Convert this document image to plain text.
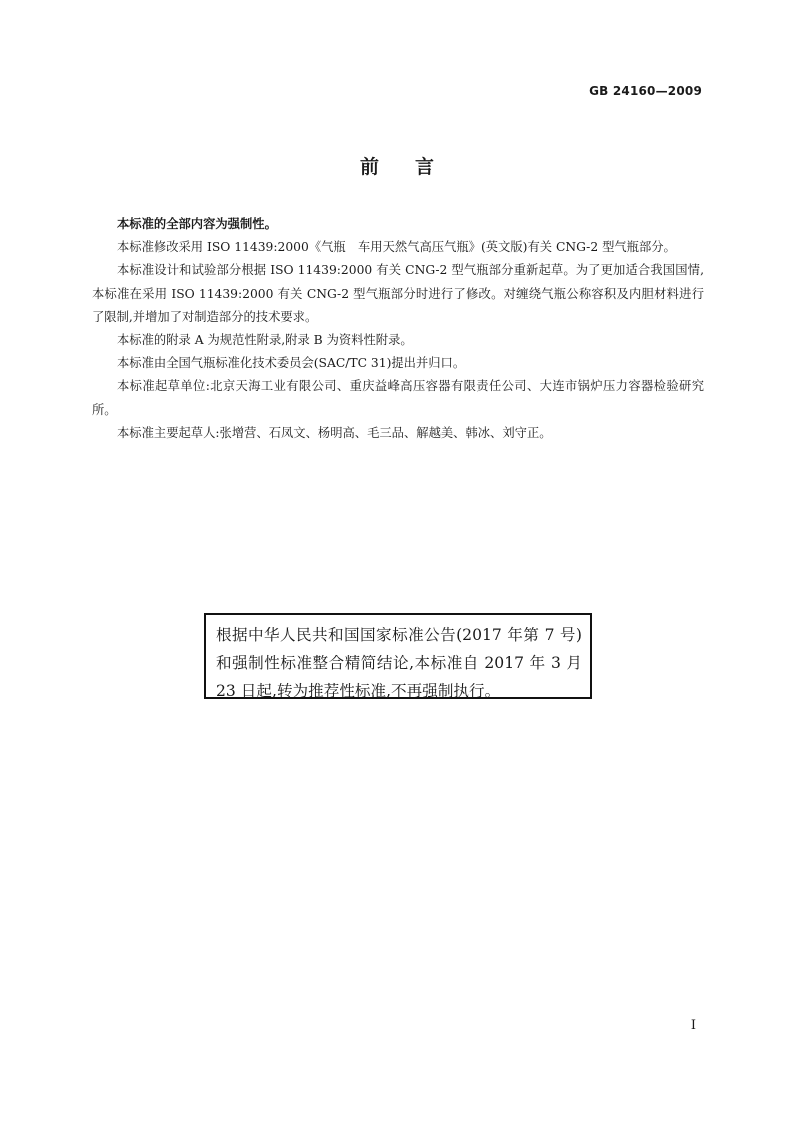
GB 24160—2009
前言

本标准的全部内容为强制性。

本标准修改采用 ISO 11439:2000《气瓶　车用天然气高压气瓶》(英文版)有关 CNG-2 型气瓶部分。

本标准设计和试验部分根据 ISO 11439:2000 有关 CNG-2 型气瓶部分重新起草。为了更加适合我国国情,本标准在采用 ISO 11439:2000 有关 CNG-2 型气瓶部分时进行了修改。对缠绕气瓶公称容积及内胆材料进行了限制,并增加了对制造部分的技术要求。

本标准的附录 A 为规范性附录,附录 B 为资料性附录。

本标准由全国气瓶标准化技术委员会(SAC/TC 31)提出并归口。

本标准起草单位:北京天海工业有限公司、重庆益峰高压容器有限责任公司、大连市锅炉压力容器检验研究所。

本标准主要起草人:张增营、石凤文、杨明高、毛三品、解越美、韩冰、刘守正。

根据中华人民共和国国家标准公告(2017 年第 7 号)和强制性标准整合精简结论,本标准自 2017 年 3 月 23 日起,转为推荐性标准,不再强制执行。
I
